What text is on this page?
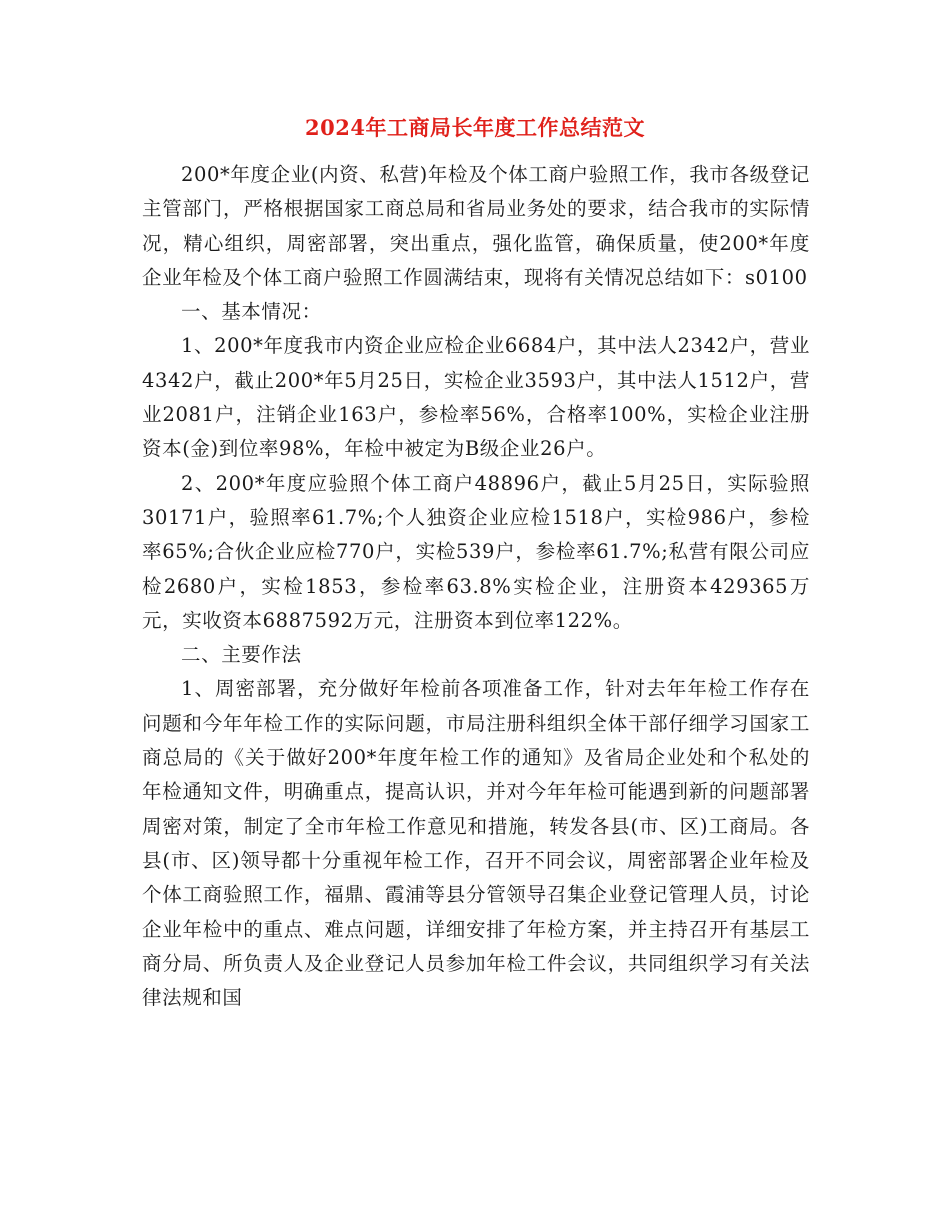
2024年工商局长年度工作总结范文

200*年度企业(内资、私营)年检及个体工商户验照工作，我市各级登记主管部门，严格根据国家工商总局和省局业务处的要求，结合我市的实际情况，精心组织，周密部署，突出重点，强化监管，确保质量，使200*年度企业年检及个体工商户验照工作圆满结束，现将有关情况总结如下：s0100

一、基本情况：

1、200*年度我市内资企业应检企业6684户，其中法人2342户，营业4342户，截止200*年5月25日，实检企业3593户，其中法人1512户，营业2081户，注销企业163户，参检率56%，合格率100%，实检企业注册资本(金)到位率98%，年检中被定为B级企业26户。

2、200*年度应验照个体工商户48896户，截止5月25日，实际验照30171户，验照率61.7%;个人独资企业应检1518户，实检986户，参检率65%;合伙企业应检770户，实检539户，参检率61.7%;私营有限公司应检2680户，实检1853，参检率63.8%实检企业，注册资本429365万元，实收资本6887592万元，注册资本到位率122%。

二、主要作法

1、周密部署，充分做好年检前各项准备工作，针对去年年检工作存在问题和今年年检工作的实际问题，市局注册科组织全体干部仔细学习国家工商总局的《关于做好200*年度年检工作的通知》及省局企业处和个私处的年检通知文件，明确重点，提高认识，并对今年年检可能遇到新的问题部署周密对策，制定了全市年检工作意见和措施，转发各县(市、区)工商局。各县(市、区)领导都十分重视年检工作，召开不同会议，周密部署企业年检及个体工商验照工作，福鼎、霞浦等县分管领导召集企业登记管理人员，讨论企业年检中的重点、难点问题，详细安排了年检方案，并主持召开有基层工商分局、所负责人及企业登记人员参加年检工件会议，共同组织学习有关法律法规和国
